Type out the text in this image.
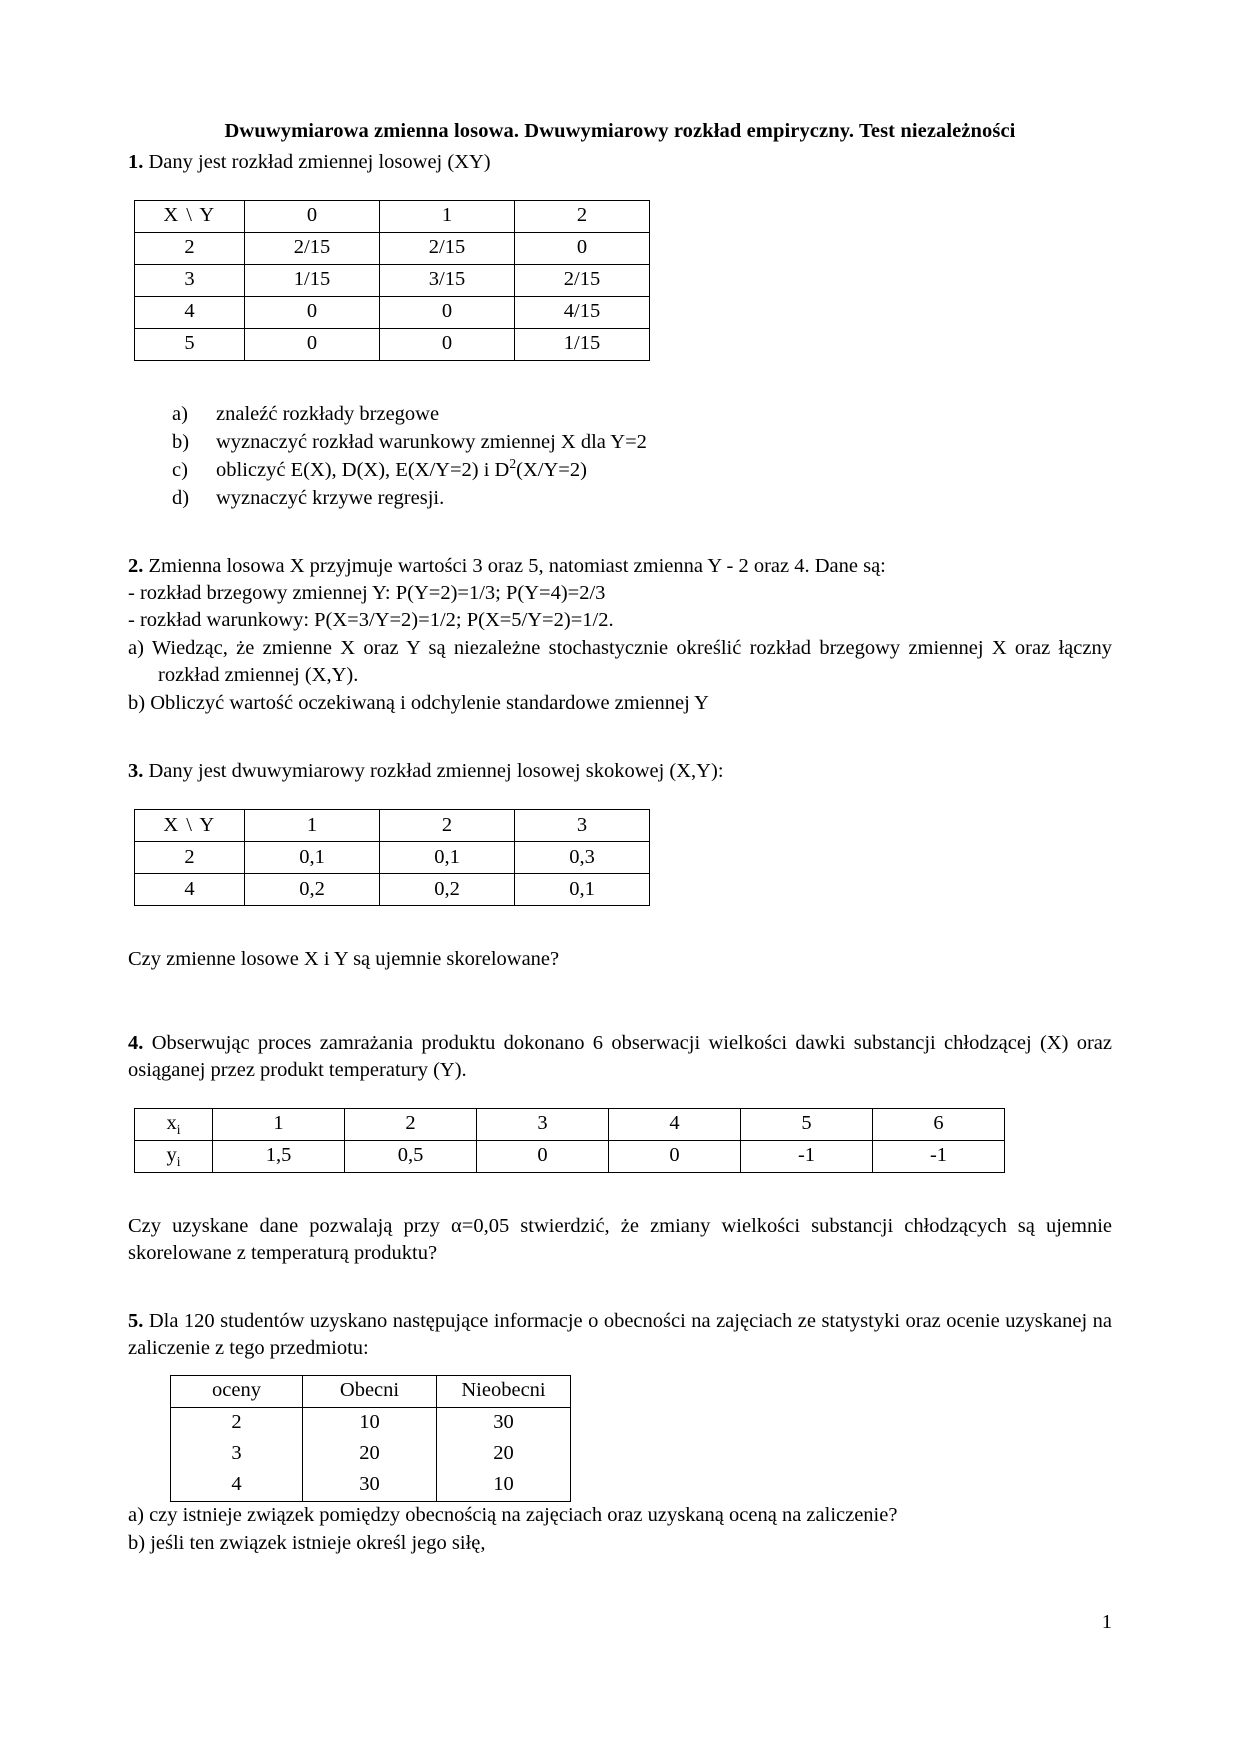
Dwuwymiarowa zmienna losowa. Dwuwymiarowy rozkład empiryczny. Test niezależności
1. Dany jest rozkład zmiennej losowej (XY)
X \ Y	0	1	2
2	2/15	2/15	0
3	1/15	3/15	2/15
4	0	0	4/15
5	0	0	1/15
a) znaleźć rozkłady brzegowe
b) wyznaczyć rozkład warunkowy zmiennej X dla Y=2
c) obliczyć E(X), D(X), E(X/Y=2) i $D^2(X/Y=2)$
d) wyznaczyć krzywe regresji.
2. Zmienna losowa X przyjmuje wartości 3 oraz 5, natomiast zmienna Y - 2 oraz 4. Dane są:
- rozkład brzegowy zmiennej Y: P(Y=2)=1/3; P(Y=4)=2/3
- rozkład warunkowy: P(X=3/Y=2)=1/2; P(X=5/Y=2)=1/2.
a) Wiedząc, że zmienne X oraz Y są niezależne stochastycznie określić rozkład brzegowy zmiennej X oraz łączny rozkład zmiennej (X,Y).
b) Obliczyć wartość oczekiwaną i odchylenie standardowe zmiennej Y
3. Dany jest dwuwymiarowy rozkład zmiennej losowej skokowej (X,Y):
X \ Y	1	2	3
2	0,1	0,1	0,3
4	0,2	0,2	0,1
Czy zmienne losowe X i Y są ujemnie skorelowane?
4. Obserwując proces zamrażania produktu dokonano 6 obserwacji wielkości dawki substancji chłodzącej (X) oraz osiąganej przez produkt temperatury (Y).
$x_i$	1	2	3	4	5	6
$y_i$	1,5	0,5	0	0	-1	-1
Czy uzyskane dane pozwalają przy α=0,05 stwierdzić, że zmiany wielkości substancji chłodzących są ujemnie skorelowane z temperaturą produktu?
5. Dla 120 studentów uzyskano następujące informacje o obecności na zajęciach ze statystyki oraz ocenie uzyskanej na zaliczenie z tego przedmiotu:
oceny	Obecni	Nieobecni
2	10	30
3	20	20
4	30	10
a) czy istnieje związek pomiędzy obecnością na zajęciach oraz uzyskaną oceną na zaliczenie?
b) jeśli ten związek istnieje określ jego siłę,
1
